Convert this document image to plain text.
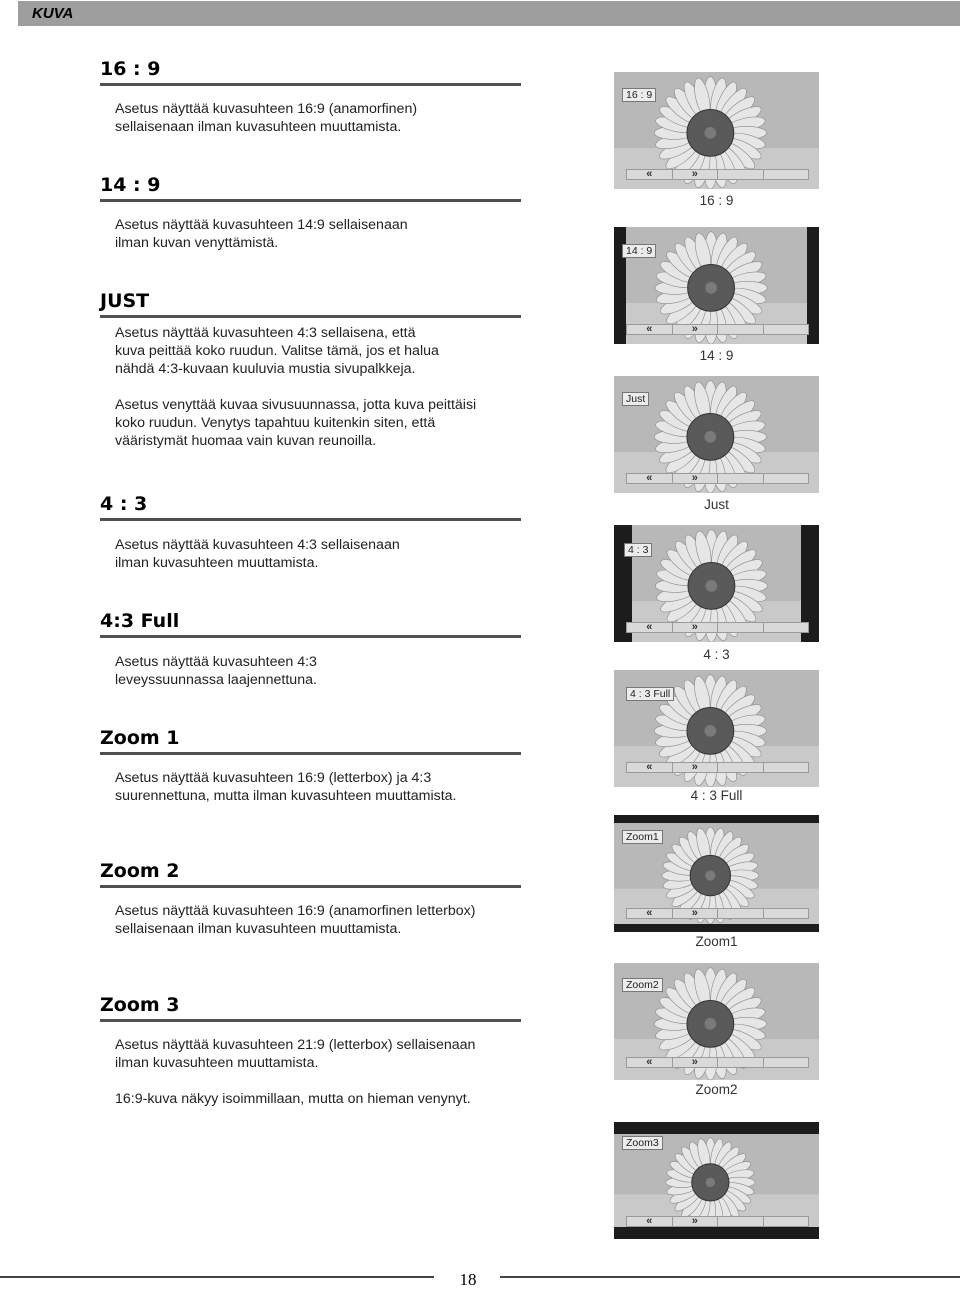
KUVA
16 : 9

Asetus näyttää kuvasuhteen 16:9 (anamorfinen)
sellaisenaan ilman kuvasuhteen muuttamista.

14 : 9

Asetus näyttää kuvasuhteen 14:9 sellaisenaan
ilman kuvan venyttämistä.

JUST

Asetus näyttää kuvasuhteen 4:3 sellaisena, että
kuva peittää koko ruudun. Valitse tämä, jos et halua
nähdä 4:3-kuvaan kuuluvia mustia sivupalkkeja.

Asetus venyttää kuvaa sivusuunnassa, jotta kuva peittäisi
koko ruudun. Venytys tapahtuu kuitenkin siten, että
vääristymät huomaa vain kuvan reunoilla.

4 : 3

Asetus näyttää kuvasuhteen 4:3 sellaisenaan
ilman kuvasuhteen muuttamista.

4:3 Full

Asetus näyttää kuvasuhteen 4:3
leveyssuunnassa laajennettuna.

Zoom 1

Asetus näyttää kuvasuhteen 16:9 (letterbox) ja 4:3
suurennettuna, mutta ilman kuvasuhteen muuttamista.

Zoom 2

Asetus näyttää kuvasuhteen 16:9 (anamorfinen letterbox)
sellaisenaan ilman kuvasuhteen muuttamista.

Zoom 3

Asetus näyttää kuvasuhteen 21:9 (letterbox) sellaisenaan
ilman kuvasuhteen muuttamista.

16:9-kuva näkyy isoimmillaan, mutta on hieman venynyt.

16 : 9
«	»
14 : 9
«	»
Just
«	»
4 : 3
«	»
4 : 3 Full
«	»
Zoom1
«	»
Zoom2
«	»
Zoom3
«	»
16 : 9
14 : 9
Just
4 : 3
4 : 3 Full
Zoom1
Zoom2
18
